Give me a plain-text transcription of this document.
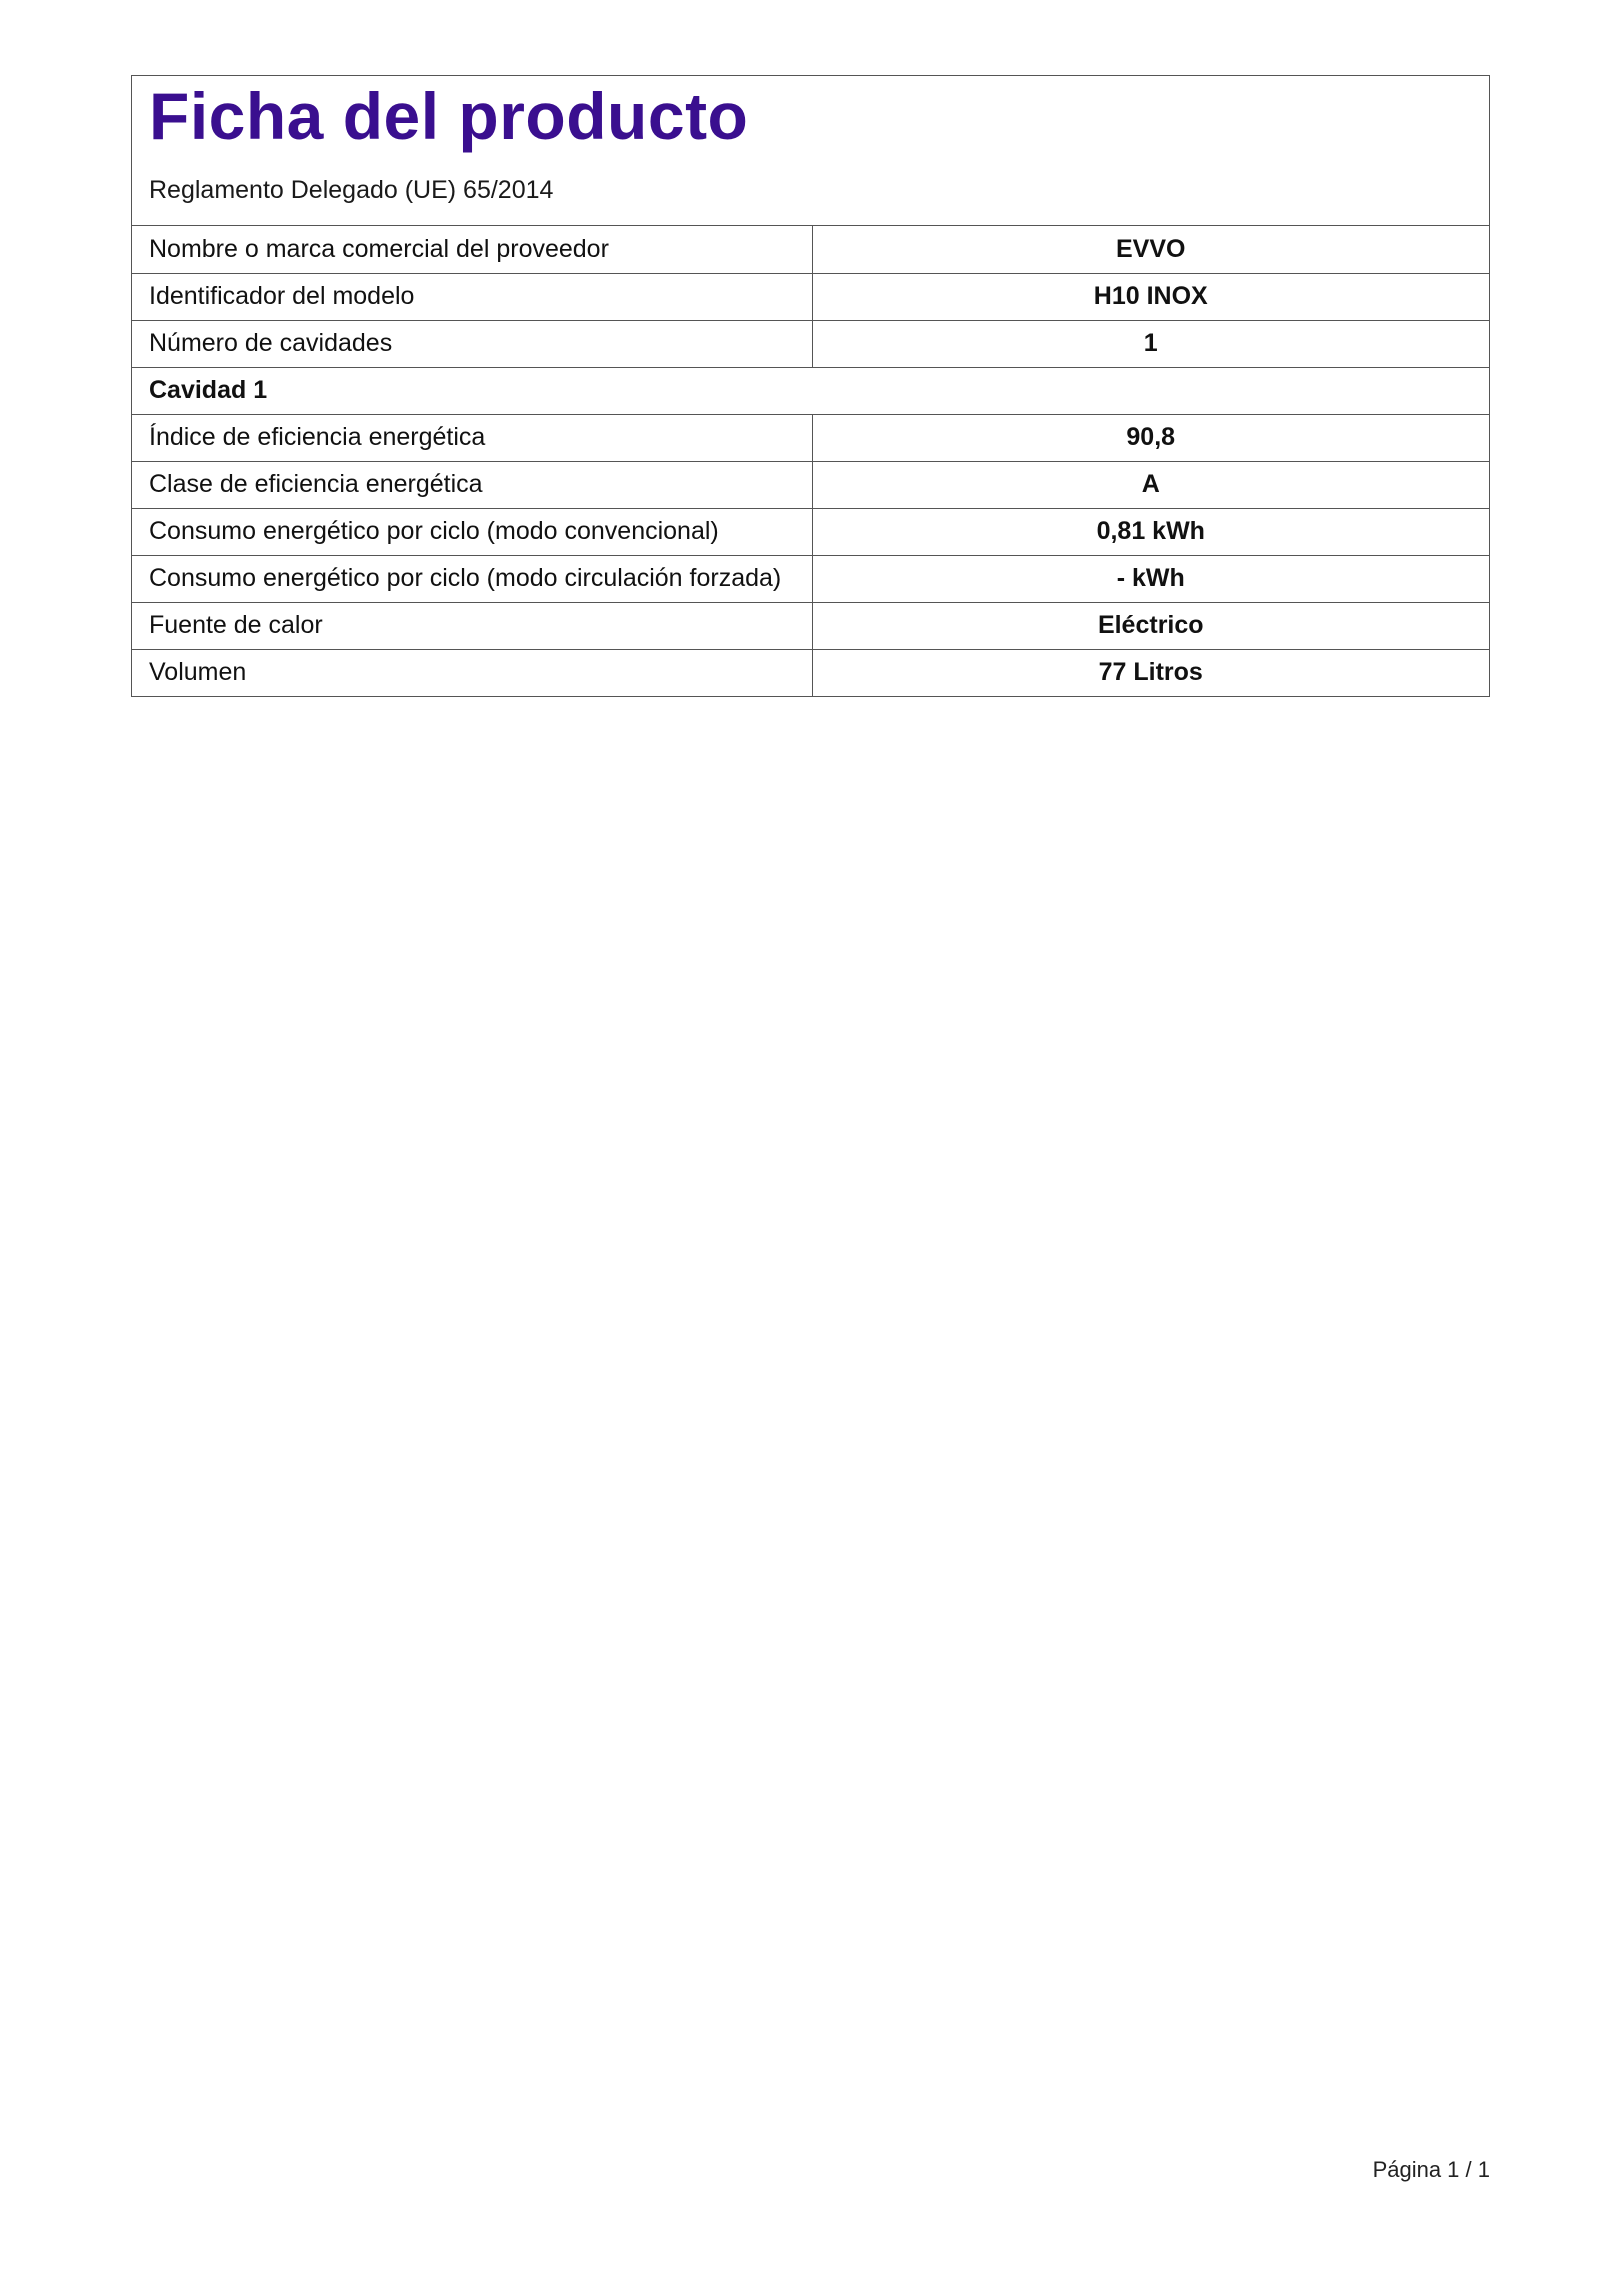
Ficha del producto
Reglamento Delegado (UE) 65/2014
Nombre o marca comercial del proveedor	EVVO
Identificador del modelo	H10 INOX
Número de cavidades	1
Cavidad 1	
Índice de eficiencia energética	90,8
Clase de eficiencia energética	A
Consumo energético por ciclo (modo convencional)	0,81 kWh
Consumo energético por ciclo (modo circulación forzada)	- kWh
Fuente de calor	Eléctrico
Volumen	77 Litros
Página 1 / 1
